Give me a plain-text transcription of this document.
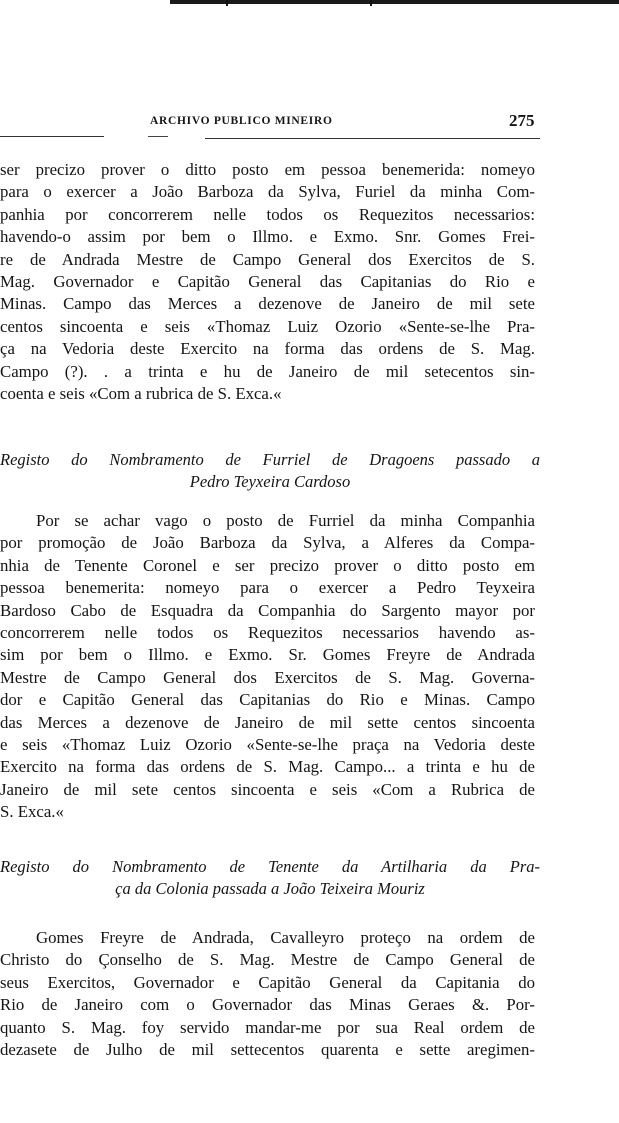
ARCHIVO PUBLICO MINEIRO	275
ser precizo prover o ditto posto em pessoa benemerida: nomeyo
para o exercer a João Barboza da Sylva, Furiel da minha Com-
panhia por concorrerem nelle todos os Requezitos necessarios:
havendo-o assim por bem o Illmo. e Exmo. Snr. Gomes Frei-
re de Andrada Mestre de Campo General dos Exercitos de S.
Mag. Governador e Capitão General das Capitanias do Rio e
Minas. Campo das Merces a dezenove de Janeiro de mil sete
centos sincoenta e seis «Thomaz Luiz Ozorio «Sente-se-lhe Pra-
ça na Vedoria deste Exercito na forma das ordens de S. Mag.
Campo (?). . a trinta e hu de Janeiro de mil setecentos sin-
coenta e seis «Com a rubrica de S. Exca.«
Registo do Nombramento de Furriel de Dragoens passado a
Pedro Teyxeira Cardoso
Por se achar vago o posto de Furriel da minha Companhia
por promoção de João Barboza da Sylva, a Alferes da Compa-
nhia de Tenente Coronel e ser precizo prover o ditto posto em
pessoa benemerita: nomeyo para o exercer a Pedro Teyxeira
Bardoso Cabo de Esquadra da Companhia do Sargento mayor por
concorrerem nelle todos os Requezitos necessarios havendo as-
sim por bem o Illmo. e Exmo. Sr. Gomes Freyre de Andrada
Mestre de Campo General dos Exercitos de S. Mag. Governa-
dor e Capitão General das Capitanias do Rio e Minas. Campo
das Merces a dezenove de Janeiro de mil sette centos sincoenta
e seis «Thomaz Luiz Ozorio «Sente-se-lhe praça na Vedoria deste
Exercito na forma das ordens de S. Mag. Campo... a trinta e hu de
Janeiro de mil sete centos sincoenta e seis «Com a Rubrica de
S. Exca.«
Registo do Nombramento de Tenente da Artilharia da Pra-
ça da Colonia passada a João Teixeira Mouriz
Gomes Freyre de Andrada, Cavalleyro proteço na ordem de
Christo do Çonselho de S. Mag. Mestre de Campo General de
seus Exercitos, Governador e Capitão General da Capitania do
Rio de Janeiro com o Governador das Minas Geraes &. Por-
quanto S. Mag. foy servido mandar-me por sua Real ordem de
dezasete de Julho de mil settecentos quarenta e sette aregimen-
